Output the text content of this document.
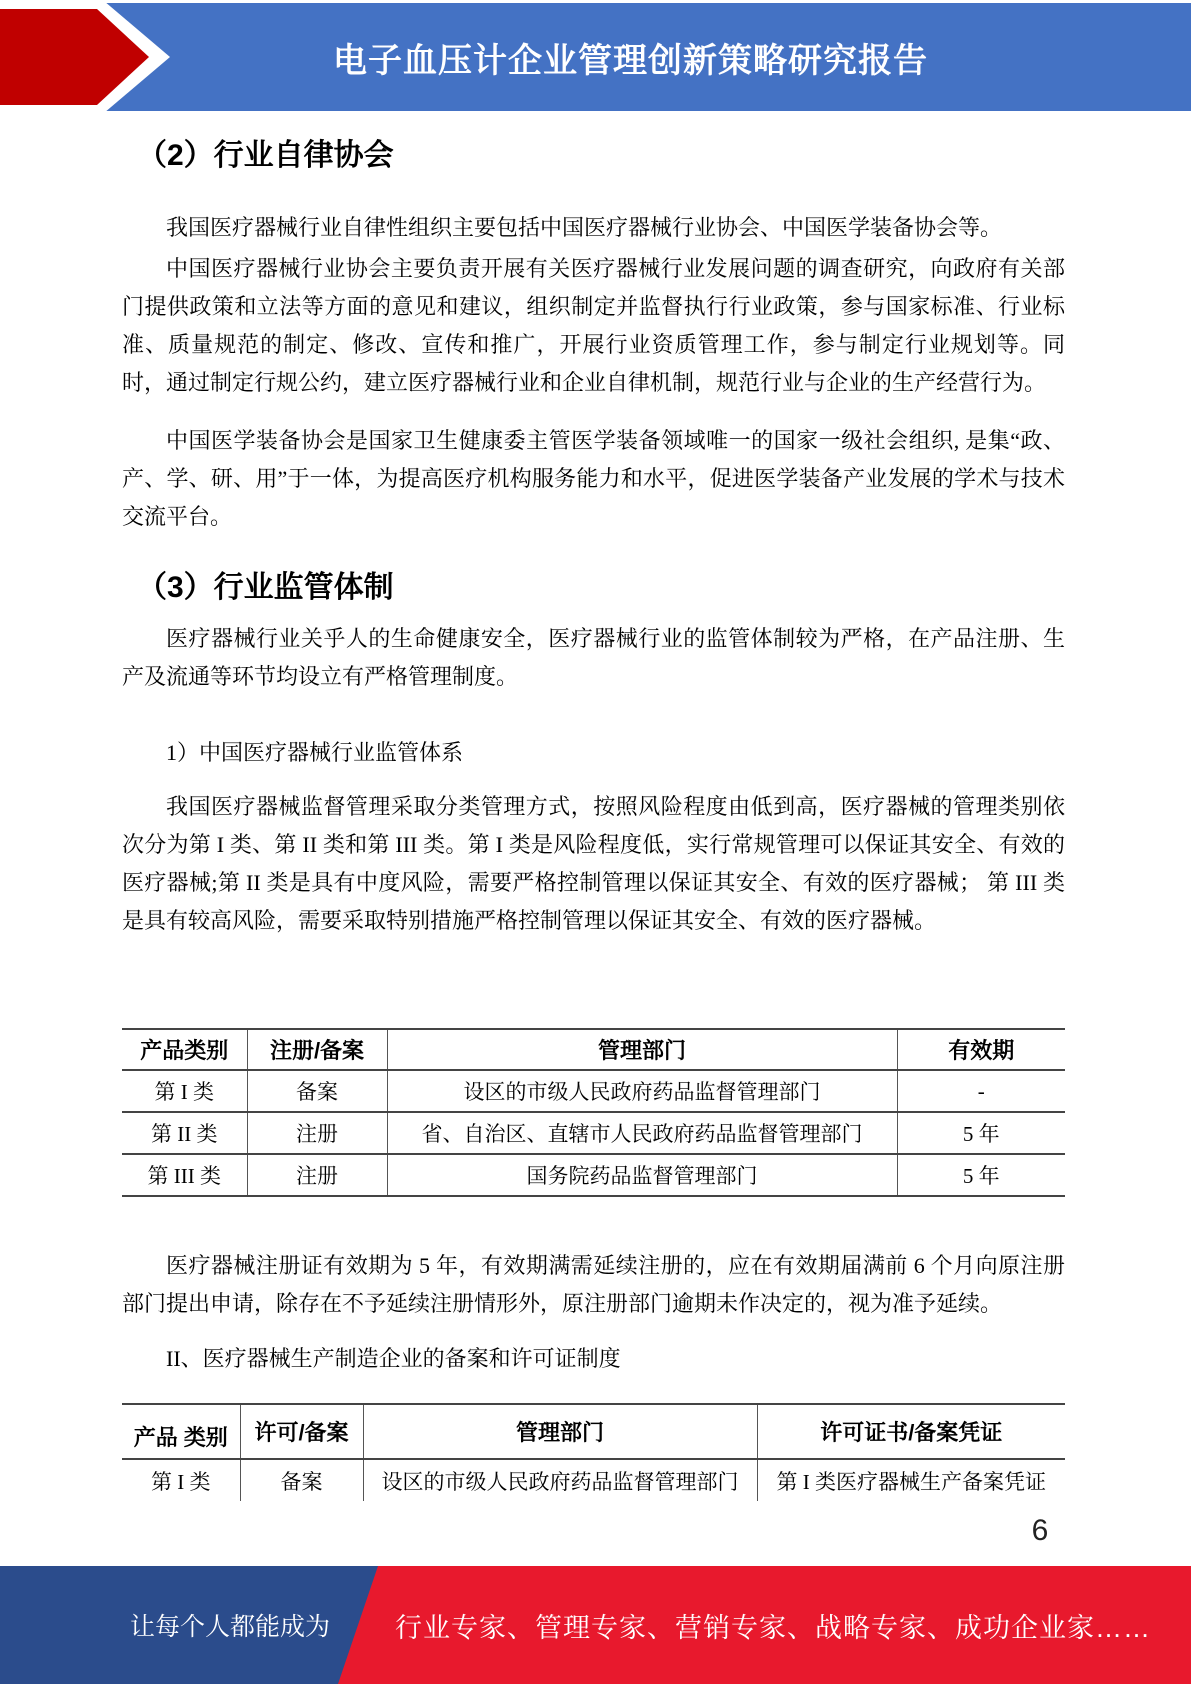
电子血压计企业管理创新策略研究报告
（2）行业自律协会
我国医疗器械行业自律性组织主要包括中国医疗器械行业协会、中国医学装备协会等。
中国医疗器械行业协会主要负责开展有关医疗器械行业发展问题的调查研究，向政府有关部门提供政策和立法等方面的意见和建议，组织制定并监督执行行业政策，参与国家标准、行业标准、质量规范的制定、修改、宣传和推广，开展行业资质管理工作，参与制定行业规划等。同时，通过制定行规公约，建立医疗器械行业和企业自律机制，规范行业与企业的生产经营行为。
中国医学装备协会是国家卫生健康委主管医学装备领域唯一的国家一级社会组织, 是集“政、产、学、研、用”于一体，为提高医疗机构服务能力和水平，促进医学装备产业发展的学术与技术交流平台。
（3）行业监管体制
医疗器械行业关乎人的生命健康安全，医疗器械行业的监管体制较为严格，在产品注册、生产及流通等环节均设立有严格管理制度。
1）中国医疗器械行业监管体系
我国医疗器械监督管理采取分类管理方式，按照风险程度由低到高，医疗器械的管理类别依次分为第 I 类、第 II 类和第 III 类。第 I 类是风险程度低，实行常规管理可以保证其安全、有效的医疗器械;第 II 类是具有中度风险，需要严格控制管理以保证其安全、有效的医疗器械； 第 III 类是具有较高风险，需要采取特别措施严格控制管理以保证其安全、有效的医疗器械。
产品类别	注册/备案	管理部门	有效期
第 I 类	备案	设区的市级人民政府药品监督管理部门	-
第 II 类	注册	省、自治区、直辖市人民政府药品监督管理部门	5 年
第 III 类	注册	国务院药品监督管理部门	5 年
医疗器械注册证有效期为 5 年，有效期满需延续注册的，应在有效期届满前 6 个月向原注册部门提出申请，除存在不予延续注册情形外，原注册部门逾期未作决定的，视为准予延续。
II、医疗器械生产制造企业的备案和许可证制度
产品 类别	许可/备案	管理部门	许可证书/备案凭证
第 I 类	备案	设区的市级人民政府药品监督管理部门	第 I 类医疗器械生产备案凭证
6
让每个人都能成为 行业专家、管理专家、营销专家、战略专家、成功企业家……
